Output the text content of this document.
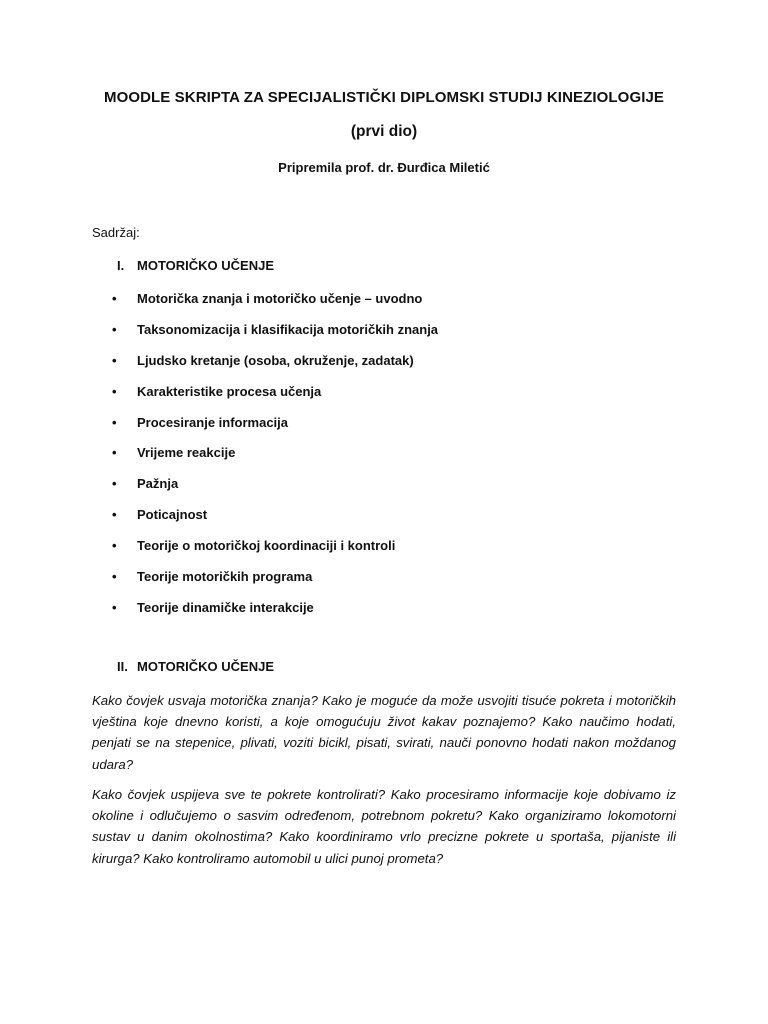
MOODLE SKRIPTA ZA SPECIJALISTIČKI DIPLOMSKI STUDIJ KINEZIOLOGIJE
(prvi dio)
Pripremila prof. dr. Đurđica Miletić
Sadržaj:
I. MOTORIČKO UČENJE
•	Motorička znanja i motoričko učenje – uvodno
•	Taksonomizacija i klasifikacija motoričkih znanja
•	Ljudsko kretanje (osoba, okruženje, zadatak)
•	Karakteristike procesa učenja
•	Procesiranje informacija
•	Vrijeme reakcije
•	Pažnja
•	Poticajnost
•	Teorije o motoričkoj koordinaciji i kontroli
•	Teorije motoričkih programa
•	Teorije dinamičke interakcije
II. MOTORIČKO UČENJE

Kako čovjek usvaja motorička znanja? Kako je moguće da može usvojiti tisuće pokreta i motoričkih vještina koje dnevno koristi, a koje omogućuju život kakav poznajemo? Kako naučimo hodati, penjati se na stepenice, plivati, voziti bicikl, pisati, svirati, nauči ponovno hodati nakon moždanog udara?

Kako čovjek uspijeva sve te pokrete kontrolirati? Kako procesiramo informacije koje dobivamo iz okoline i odlučujemo o sasvim određenom, potrebnom pokretu? Kako organiziramo lokomotorni sustav u danim okolnostima? Kako koordiniramo vrlo precizne pokrete u sportaša, pijaniste ili kirurga? Kako kontroliramo automobil u ulici punoj prometa?
